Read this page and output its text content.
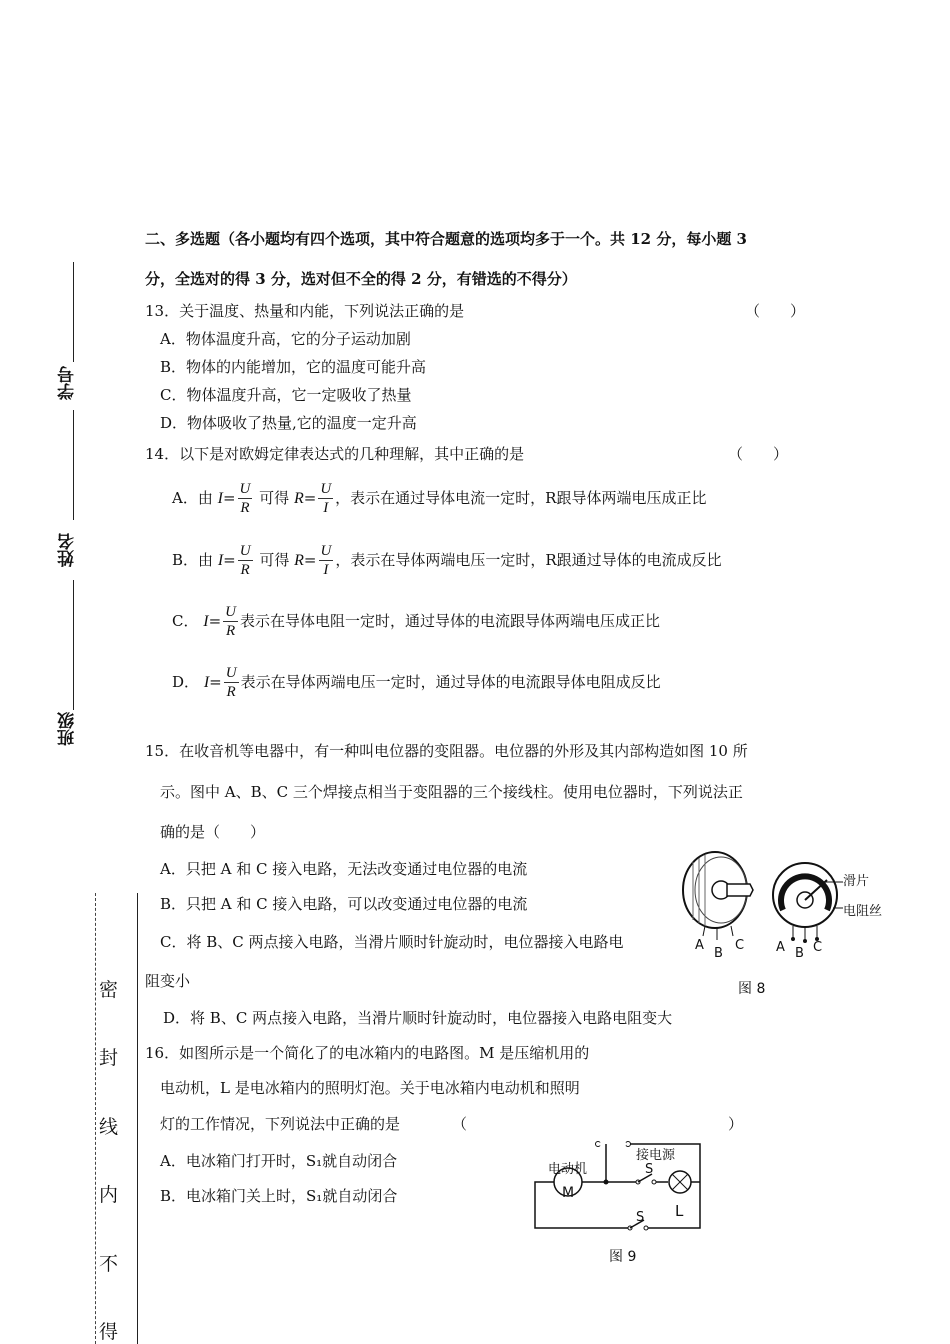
二、多选题（各小题均有四个选项，其中符合题意的选项均多于一个。共 12 分，每小题 3
分，全选对的得 3 分，选对但不全的得 2 分，有错选的不得分）
学号
姓名
班级
密
封
线
内
不
得
13．关于温度、热量和内能，下列说法正确的是	（　　）
A．物体温度升高，它的分子运动加剧
B．物体的内能增加，它的温度可能升高
C．物体温度升高，它一定吸收了热量
D．物体吸收了热量,它的温度一定升高
14．以下是对欧姆定律表达式的几种理解，其中正确的是	（　　）
A．由 $I= \frac{U}{R}$ 可得 $R= \frac{U}{I}$ ，表示在通过导体电流一定时，R跟导体两端电压成正比
B．由 $I= \frac{U}{R}$ 可得 $R= \frac{U}{I}$ ，表示在导体两端电压一定时，R跟通过导体的电流成反比
C． $I= \frac{U}{R}$ 表示在导体电阻一定时，通过导体的电流跟导体两端电压成正比
D． $I= \frac{U}{R}$ 表示在导体两端电压一定时，通过导体的电流跟导体电阻成反比
15．在收音机等电器中，有一种叫电位器的变阻器。电位器的外形及其内部构造如图 10 所
示。图中 A、B、C 三个焊接点相当于变阻器的三个接线柱。使用电位器时，下列说法正
确的是（　　）
A．只把 A 和 C 接入电路，无法改变通过电位器的电流
B．只把 A 和 C 接入电路，可以改变通过电位器的电流
C．将 B、C 两点接入电路，当滑片顺时针旋动时，电位器接入电路电
阻变小
D．将 B、C 两点接入电路，当滑片顺时针旋动时，电位器接入电路电阻变大
滑片
电阻丝
A
B
C A B C
图 8
16．如图所示是一个简化了的电冰箱内的电路图。M 是压缩机用的
电动机，L 是电冰箱内的照明灯泡。关于电冰箱内电动机和照明
灯的工作情况，下列说法中正确的是	（	）
A．电冰箱门打开时，S₁就自动闭合
B．电冰箱门关上时，S₁就自动闭合
电动机
接电源
M
S
L
S
图 9
